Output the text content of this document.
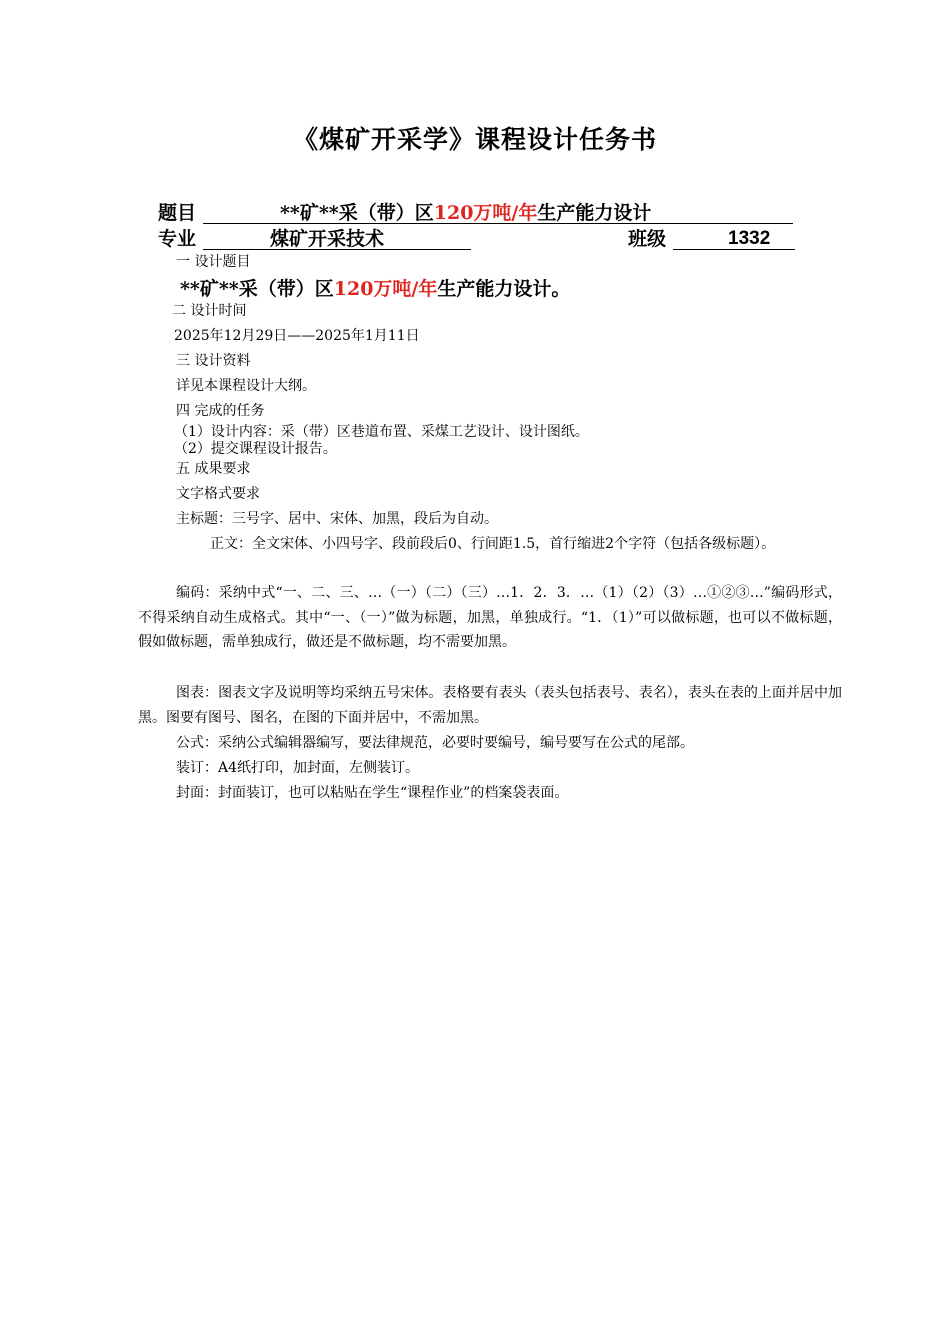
《煤矿开采学》课程设计任务书
题目	**矿**采（带）区120万吨/年生产能力设计
专业	煤矿开采技术	班级	1332
一 设计题目
**矿**采（带）区120万吨/年生产能力设计。
二 设计时间
2025年12月29日——2025年1月11日
三 设计资料
详见本课程设计大纲。
四 完成的任务
（1）设计内容：采（带）区巷道布置、采煤工艺设计、设计图纸。
（2）提交课程设计报告。
五 成果要求
文字格式要求
主标题：三号字、居中、宋体、加黑，段后为自动。
正文：全文宋体、小四号字、段前段后0、行间距1.5，首行缩进2个字符（包括各级标题）。
编码：采纳中式“一、二、三、…（一）（二）（三）…1．2．3．…（1）（2）（3）…①②③…”编码形式，不得采纳自动生成格式。其中“一、（一）”做为标题，加黑，单独成行。“1．（1）”可以做标题，也可以不做标题，假如做标题，需单独成行，做还是不做标题，均不需要加黑。
图表：图表文字及说明等均采纳五号宋体。表格要有表头（表头包括表号、表名），表头在表的上面并居中加黑。图要有图号、图名，在图的下面并居中，不需加黑。
公式：采纳公式编辑器编写，要法律规范，必要时要编号，编号要写在公式的尾部。
装订：A4纸打印，加封面，左侧装订。
封面：封面装订，也可以粘贴在学生“课程作业”的档案袋表面。
